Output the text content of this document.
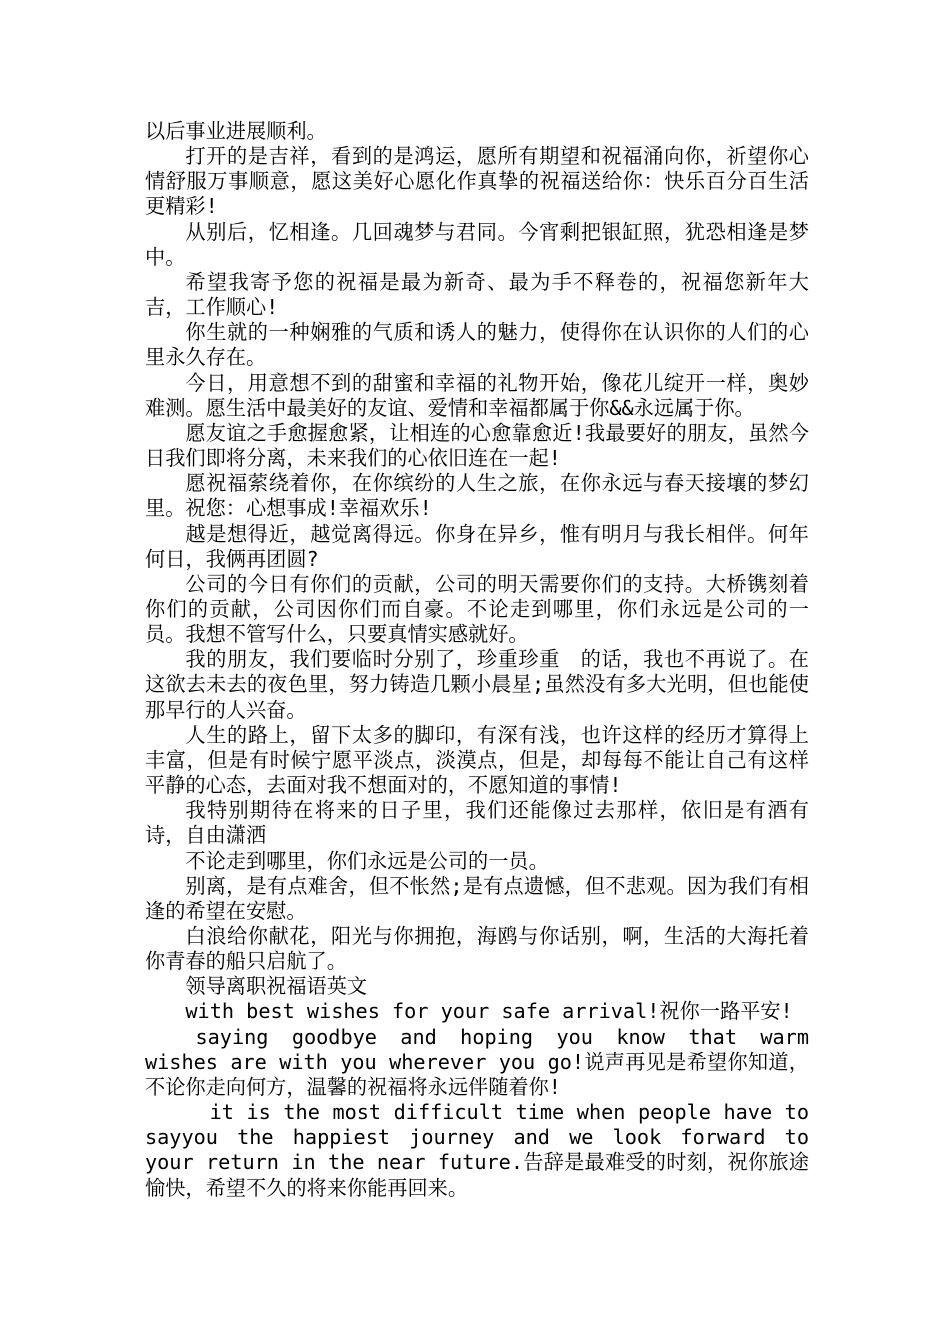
以后事业进展顺利。

打开的是吉祥，看到的是鸿运，愿所有期望和祝福涌向你，祈望你心情舒服万事顺意，愿这美好心愿化作真挚的祝福送给你：快乐百分百生活更精彩!

从别后，忆相逢。几回魂梦与君同。今宵剩把银缸照，犹恐相逢是梦中。

希望我寄予您的祝福是最为新奇、最为手不释卷的，祝福您新年大吉，工作顺心!

你生就的一种娴雅的气质和诱人的魅力，使得你在认识你的人们的心里永久存在。

今日，用意想不到的甜蜜和幸福的礼物开始，像花儿绽开一样，奥妙难测。愿生活中最美好的友谊、爱情和幸福都属于你&&永远属于你。

愿友谊之手愈握愈紧，让相连的心愈靠愈近!我最要好的朋友，虽然今日我们即将分离，未来我们的心依旧连在一起!

愿祝福萦绕着你，在你缤纷的人生之旅，在你永远与春天接壤的梦幻里。祝您：心想事成!幸福欢乐!

越是想得近，越觉离得远。你身在异乡，惟有明月与我长相伴。何年何日，我俩再团圆?

公司的今日有你们的贡献，公司的明天需要你们的支持。大桥镌刻着你们的贡献，公司因你们而自豪。不论走到哪里，你们永远是公司的一员。我想不管写什么，只要真情实感就好。

我的朋友，我们要临时分别了，珍重珍重　的话，我也不再说了。在这欲去未去的夜色里，努力铸造几颗小晨星;虽然没有多大光明，但也能使那早行的人兴奋。

人生的路上，留下太多的脚印，有深有浅，也许这样的经历才算得上丰富，但是有时候宁愿平淡点，淡漠点，但是，却每每不能让自己有这样平静的心态，去面对我不想面对的，不愿知道的事情!

我特别期待在将来的日子里，我们还能像过去那样，依旧是有酒有诗，自由潇洒

不论走到哪里，你们永远是公司的一员。

别离，是有点难舍，但不怅然;是有点遗憾，但不悲观。因为我们有相逢的希望在安慰。

白浪给你献花，阳光与你拥抱，海鸥与你话别，啊，生活的大海托着你青春的船只启航了。

领导离职祝福语英文

with best wishes for your safe arrival!祝你一路平安!

saying goodbye and hoping you know that warm wishes are with you wherever you go!说声再见是希望你知道，不论你走向何方，温馨的祝福将永远伴随着你!

it is the most difficult time when people have to sayyou the happiest journey and we look forward to your return in the near future.告辞是最难受的时刻，祝你旅途愉快，希望不久的将来你能再回来。
